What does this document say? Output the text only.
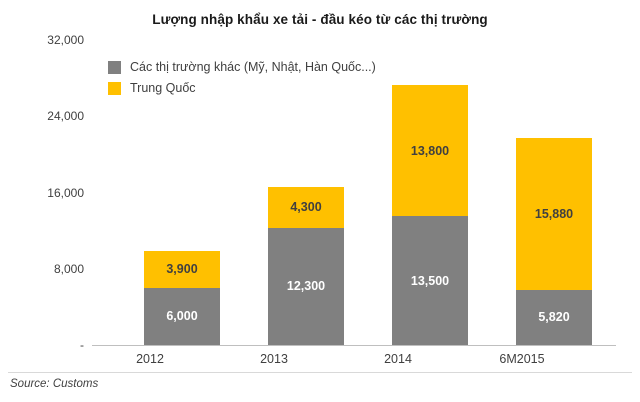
Lượng nhập khẩu xe tải - đầu kéo từ các thị trường
-
8,000
16,000
24,000
32,000
Các thị trường khác (Mỹ, Nhật, Hàn Quốc...)
Trung Quốc
3,900
6,000
4,300
12,300
13,800
13,500
15,880
5,820
2012	2013	2014	6M2015
Source: Customs
